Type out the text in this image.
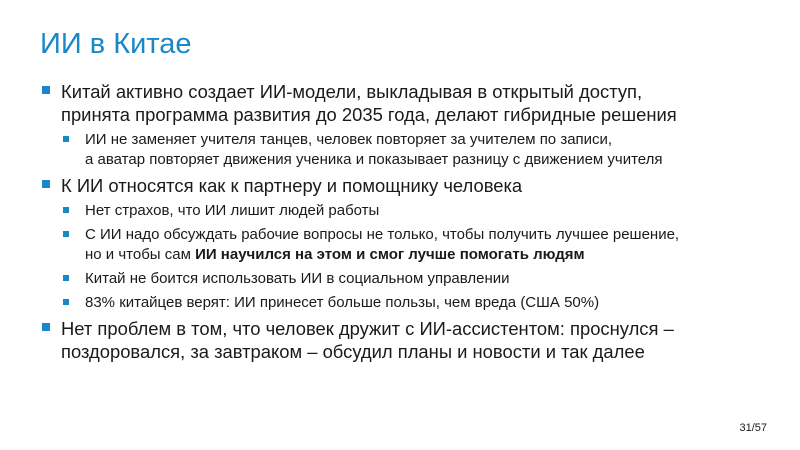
ИИ в Китае
Китай активно создает ИИ-модели, выкладывая в открытый доступ,
принята программа развития до 2035 года, делают гибридные решения
ИИ не заменяет учителя танцев, человек повторяет за учителем по записи,
а аватар повторяет движения ученика и показывает разницу с движением учителя
К ИИ относятся как к партнеру и помощнику человека
Нет страхов, что ИИ лишит людей работы
С ИИ надо обсуждать рабочие вопросы не только, чтобы получить лучшее решение,
но и чтобы сам ИИ научился на этом и смог лучше помогать людям
Китай не боится использовать ИИ в социальном управлении
83% китайцев верят: ИИ принесет больше пользы, чем вреда (США 50%)
Нет проблем в том, что человек дружит с ИИ-ассистентом: проснулся –
поздоровался, за завтраком – обсудил планы и новости и так далее
31/57
